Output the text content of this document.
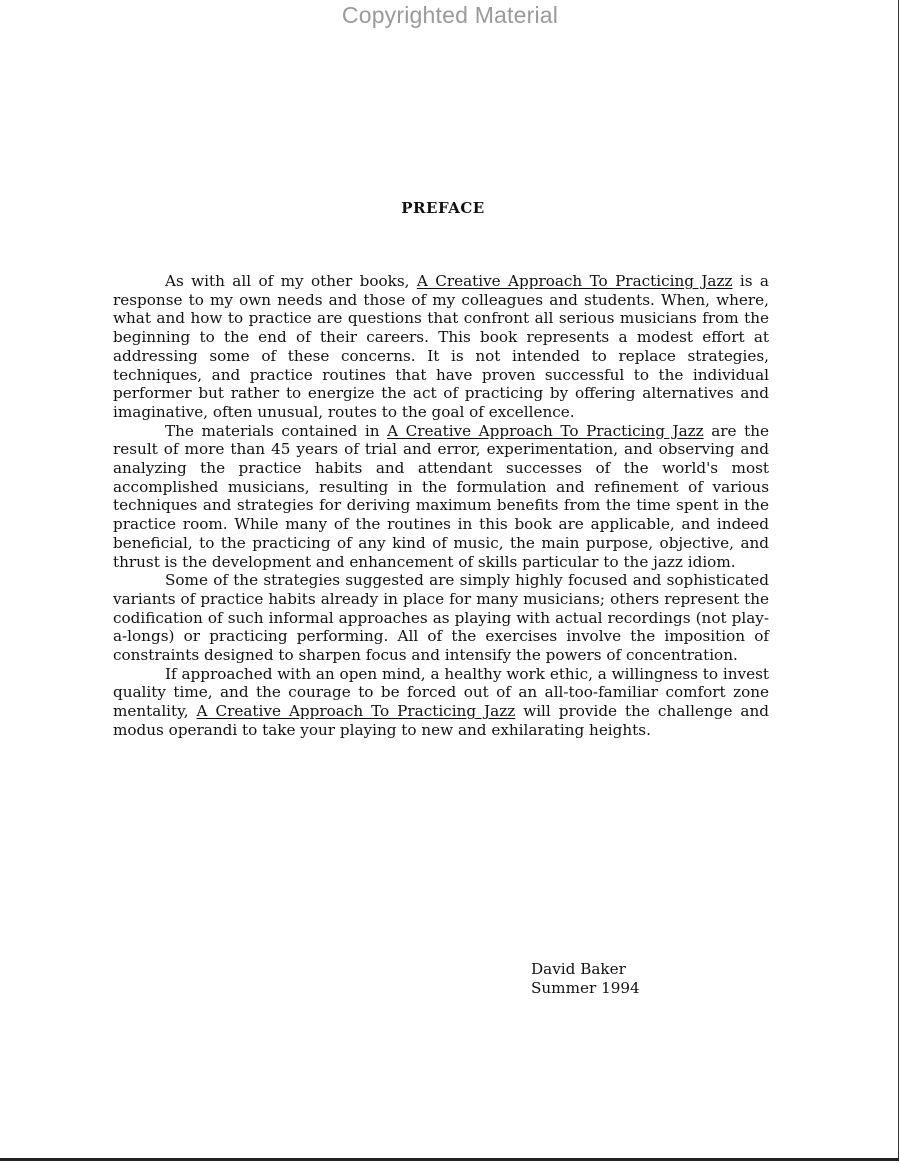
Copyrighted Material
PREFACE

As with all of my other books, A Creative Approach To Practicing Jazz is a response to my own needs and those of my colleagues and students. When, where, what and how to practice are questions that confront all serious musicians from the beginning to the end of their careers. This book represents a modest effort at addressing some of these concerns. It is not intended to replace strategies, techniques, and practice routines that have proven successful to the individual performer but rather to energize the act of practicing by offering alternatives and imaginative, often unusual, routes to the goal of excellence.

The materials contained in A Creative Approach To Practicing Jazz are the result of more than 45 years of trial and error, experimentation, and observing and analyzing the practice habits and attendant successes of the world's most accomplished musicians, resulting in the formulation and refinement of various techniques and strategies for deriving maximum benefits from the time spent in the practice room. While many of the routines in this book are applicable, and indeed beneficial, to the practicing of any kind of music, the main purpose, objective, and thrust is the development and enhancement of skills particular to the jazz idiom.

Some of the strategies suggested are simply highly focused and sophisticated variants of practice habits already in place for many musicians; others represent the codification of such informal approaches as playing with actual recordings (not play-a-longs) or practicing performing. All of the exercises involve the imposition of constraints designed to sharpen focus and intensify the powers of concentration.

If approached with an open mind, a healthy work ethic, a willingness to invest quality time, and the courage to be forced out of an all-too-familiar comfort zone mentality, A Creative Approach To Practicing Jazz will provide the challenge and modus operandi to take your playing to new and exhilarating heights.

David Baker
Summer 1994
